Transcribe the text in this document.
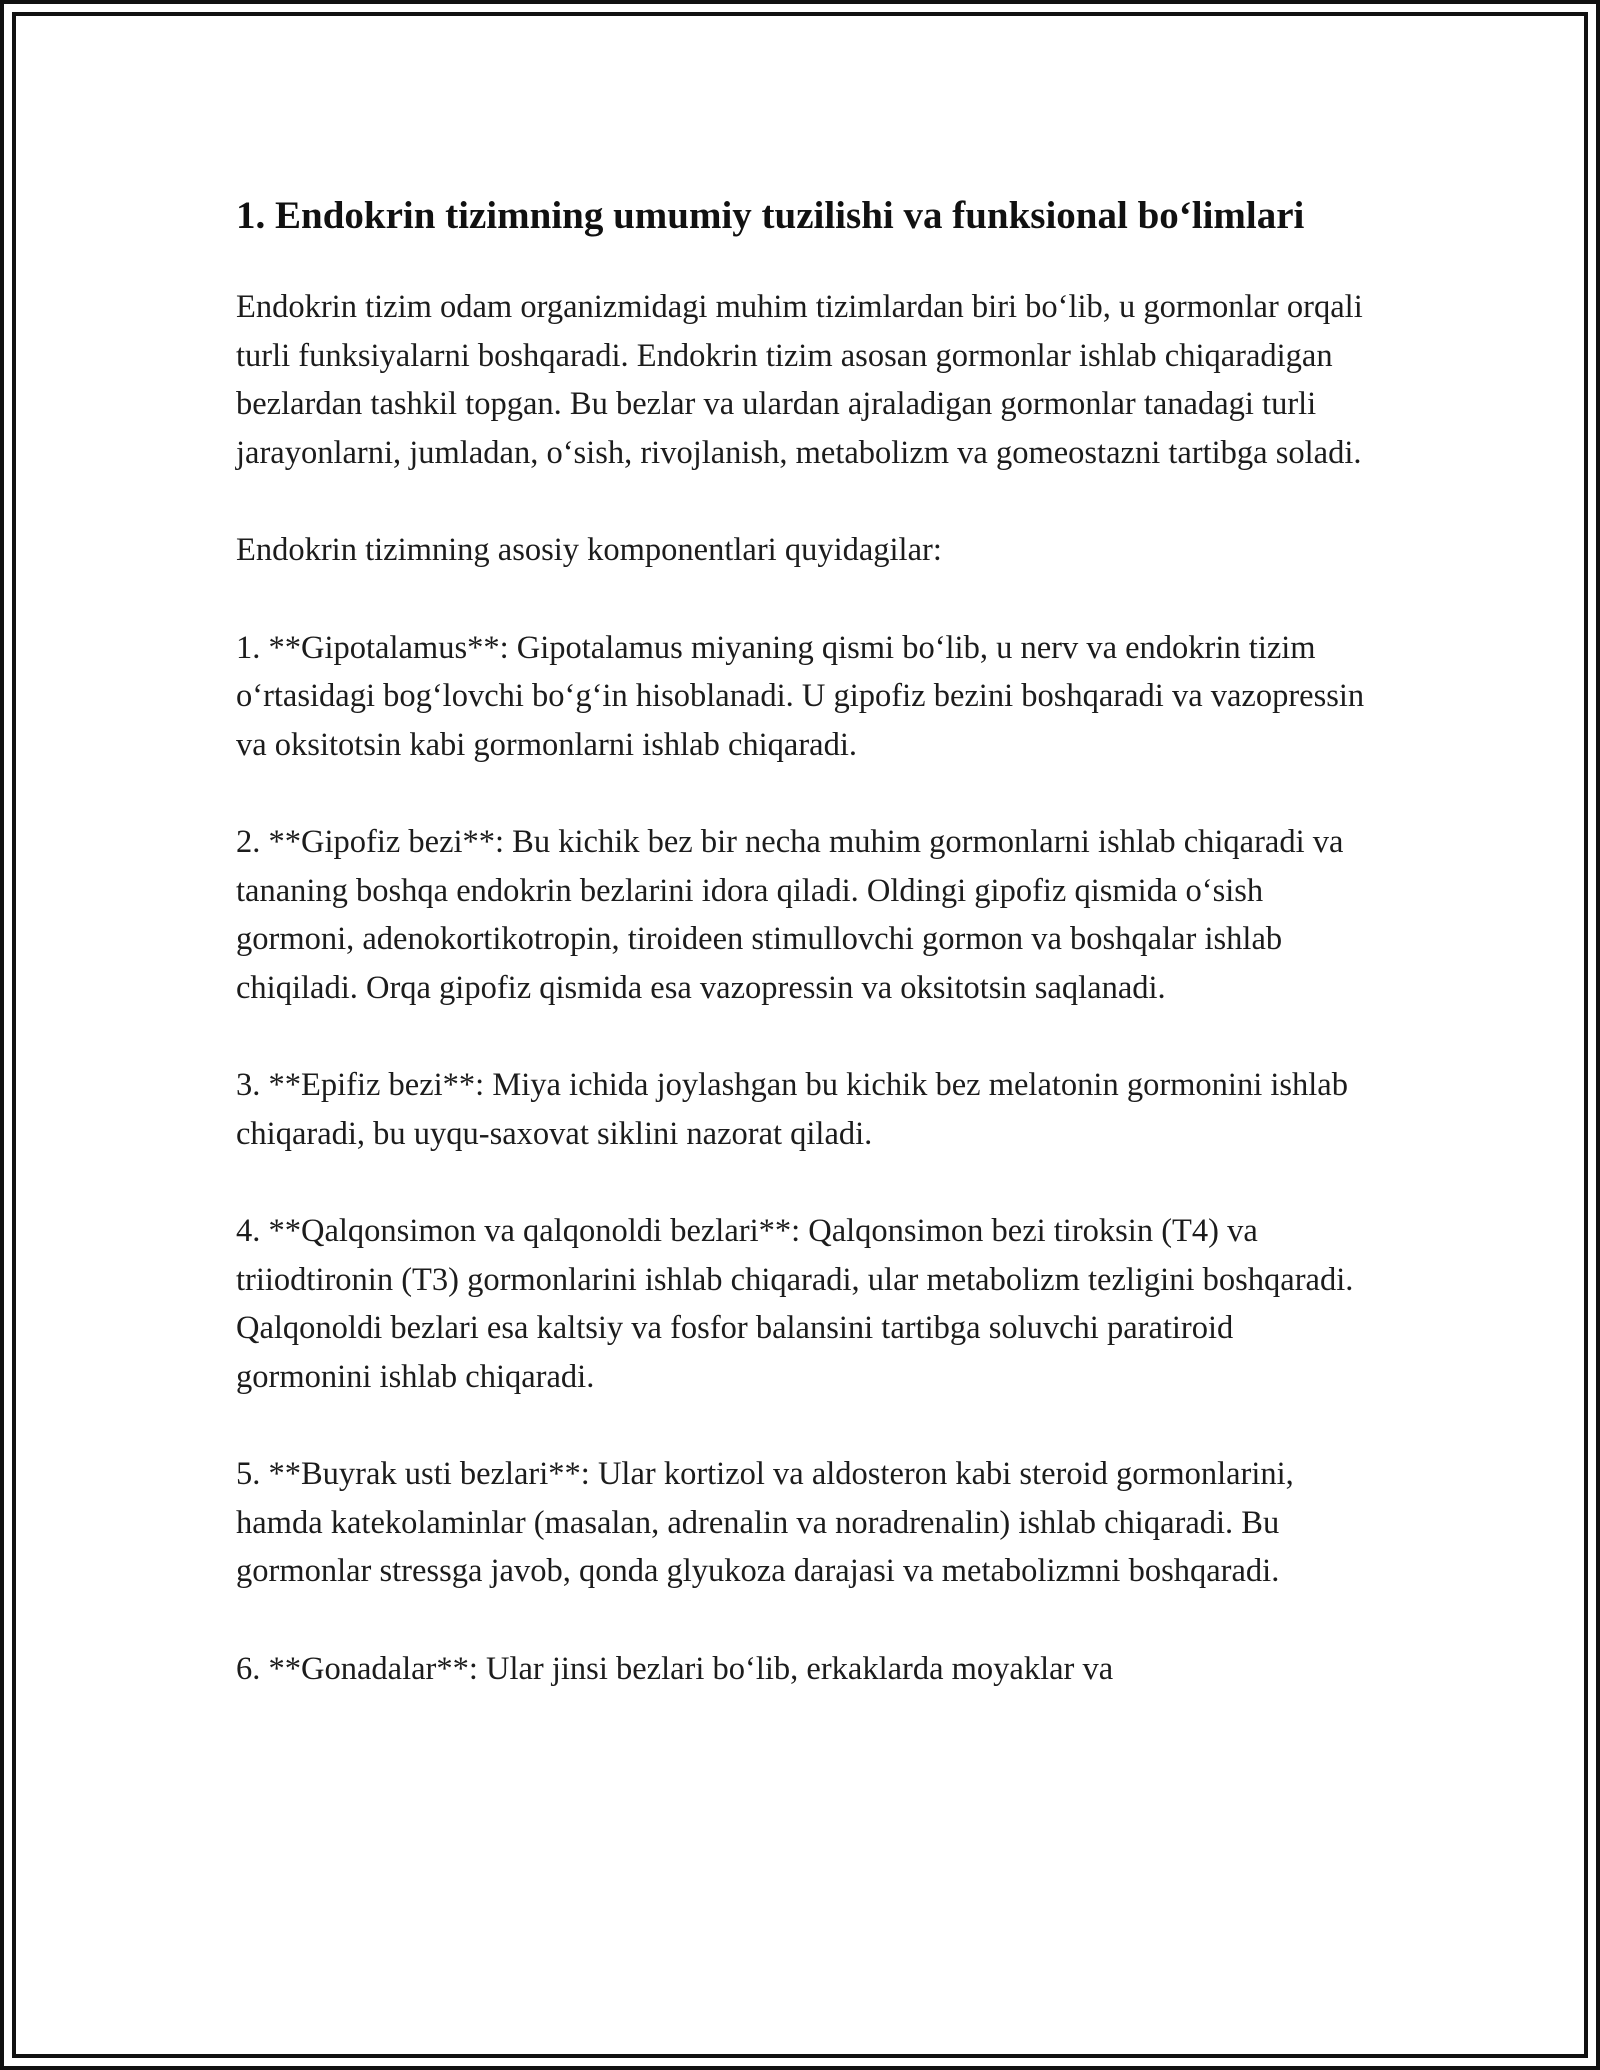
1. Endokrin tizimning umumiy tuzilishi va funksional bo‘limlari

Endokrin tizim odam organizmidagi muhim tizimlardan biri bo‘lib, u gormonlar orqali turli funksiyalarni boshqaradi. Endokrin tizim asosan gormonlar ishlab chiqaradigan bezlardan tashkil topgan. Bu bezlar va ulardan ajraladigan gormonlar tanadagi turli jarayonlarni, jumladan, o‘sish, rivojlanish, metabolizm va gomeostazni tartibga soladi.

Endokrin tizimning asosiy komponentlari quyidagilar:

1. **Gipotalamus**: Gipotalamus miyaning qismi bo‘lib, u nerv va endokrin tizim o‘rtasidagi bog‘lovchi bo‘g‘in hisoblanadi. U gipofiz bezini boshqaradi va vazopressin va oksitotsin kabi gormonlarni ishlab chiqaradi.

2. **Gipofiz bezi**: Bu kichik bez bir necha muhim gormonlarni ishlab chiqaradi va tananing boshqa endokrin bezlarini idora qiladi. Oldingi gipofiz qismida o‘sish gormoni, adenokortikotropin, tiroideen stimullovchi gormon va boshqalar ishlab chiqiladi. Orqa gipofiz qismida esa vazopressin va oksitotsin saqlanadi.

3. **Epifiz bezi**: Miya ichida joylashgan bu kichik bez melatonin gormonini ishlab chiqaradi, bu uyqu-saxovat siklini nazorat qiladi.

4. **Qalqonsimon va qalqonoldi bezlari**: Qalqonsimon bezi tiroksin (T4) va triiodtironin (T3) gormonlarini ishlab chiqaradi, ular metabolizm tezligini boshqaradi. Qalqonoldi bezlari esa kaltsiy va fosfor balansini tartibga soluvchi paratiroid gormonini ishlab chiqaradi.

5. **Buyrak usti bezlari**: Ular kortizol va aldosteron kabi steroid gormonlarini, hamda katekolaminlar (masalan, adrenalin va noradrenalin) ishlab chiqaradi. Bu gormonlar stressga javob, qonda glyukoza darajasi va metabolizmni boshqaradi.

6. **Gonadalar**: Ular jinsi bezlari bo‘lib, erkaklarda moyaklar va
